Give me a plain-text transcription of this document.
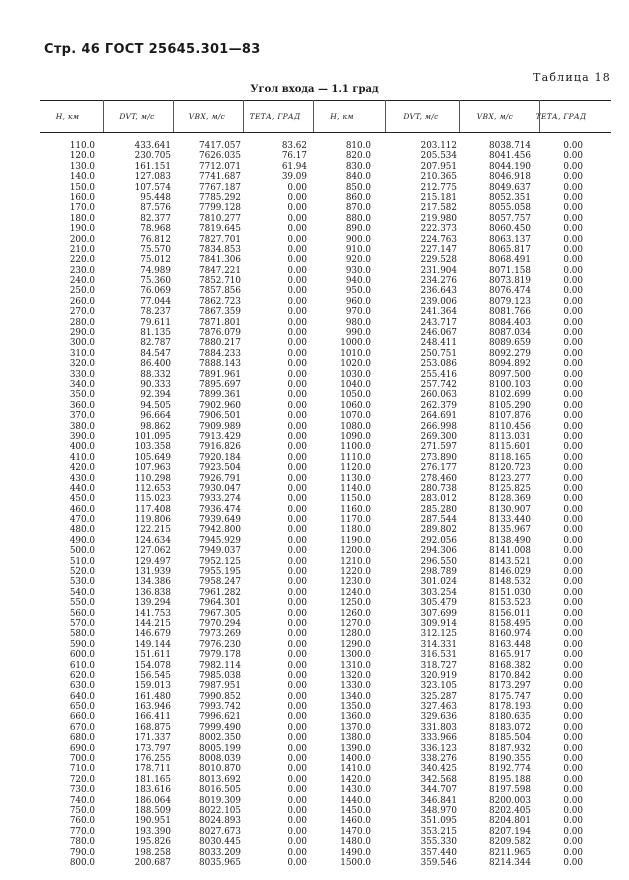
Стр. 46 ГОСТ 25645.301—83
Таблица 18
Угол входа — 1.1 град
H, км	DVT, м/с	VBX, м/с	ТЕТА, ГРАД	H, км	DVT, м/с	VBX, м/с	ТЕТА, ГРАД
110.0	433.641	7417.057	83.62	810.0	203.112	8038.714	0.00
120.0	230.705	7626.035	76.17	820.0	205.534	8041.456	0.00
130.0	161.151	7712.071	61.94	830.0	207.951	8044.190	0.00
140.0	127.083	7741.687	39.09	840.0	210.365	8046.918	0.00
150.0	107.574	7767.187	0.00	850.0	212.775	8049.637	0.00
160.0	95.448	7785.292	0.00	860.0	215.181	8052.351	0.00
170.0	87.576	7799.128	0.00	870.0	217.582	8055.058	0.00
180.0	82.377	7810.277	0.00	880.0	219.980	8057.757	0.00
190.0	78.968	7819.645	0.00	890.0	222.373	8060.450	0.00
200.0	76.812	7827.701	0.00	900.0	224.763	8063.137	0.00
210.0	75.570	7834.853	0.00	910.0	227.147	8065.817	0.00
220.0	75.012	7841.306	0.00	920.0	229.528	8068.491	0.00
230.0	74.989	7847.221	0.00	930.0	231.904	8071.158	0.00
240.0	75.360	7852.710	0.00	940.0	234.276	8073.819	0.00
250.0	76.069	7857.856	0.00	950.0	236.643	8076.474	0.00
260.0	77.044	7862.723	0.00	960.0	239.006	8079.123	0.00
270.0	78.237	7867.359	0.00	970.0	241.364	8081.766	0.00
280.0	79.611	7871.801	0.00	980.0	243.717	8084.403	0.00
290.0	81.135	7876.079	0.00	990.0	246.067	8087.034	0.00
300.0	82.787	7880.217	0.00	1000.0	248.411	8089.659	0.00
310.0	84.547	7884.233	0.00	1010.0	250.751	8092.279	0.00
320.0	86.400	7888.143	0.00	1020.0	253.086	8094.892	0.00
330.0	88.332	7891.961	0.00	1030.0	255.416	8097.500	0.00
340.0	90.333	7895.697	0.00	1040.0	257.742	8100.103	0.00
350.0	92.394	7899.361	0.00	1050.0	260.063	8102.699	0.00
360.0	94.505	7902.960	0.00	1060.0	262.379	8105.290	0.00
370.0	96.664	7906.501	0.00	1070.0	264.691	8107.876	0.00
380.0	98.862	7909.989	0.00	1080.0	266.998	8110.456	0.00
390.0	101.095	7913.429	0.00	1090.0	269.300	8113.031	0.00
400.0	103.358	7916.826	0.00	1100.0	271.597	8115.601	0.00
410.0	105.649	7920.184	0.00	1110.0	273.890	8118.165	0.00
420.0	107.963	7923.504	0.00	1120.0	276.177	8120.723	0.00
430.0	110.298	7926.791	0.00	1130.0	278.460	8123.277	0.00
440.0	112.653	7930.047	0.00	1140.0	280.738	8125.825	0.00
450.0	115.023	7933.274	0.00	1150.0	283.012	8128.369	0.00
460.0	117.408	7936.474	0.00	1160.0	285.280	8130.907	0.00
470.0	119.806	7939.649	0.00	1170.0	287.544	8133.440	0.00
480.0	122.215	7942.800	0.00	1180.0	289.802	8135.967	0.00
490.0	124.634	7945.929	0.00	1190.0	292.056	8138.490	0.00
500.0	127.062	7949.037	0.00	1200.0	294.306	8141.008	0.00
510.0	129.497	7952.125	0.00	1210.0	296.550	8143.521	0.00
520.0	131.939	7955.195	0.00	1220.0	298.789	8146.029	0.00
530.0	134.386	7958.247	0.00	1230.0	301.024	8148.532	0.00
540.0	136.838	7961.282	0.00	1240.0	303.254	8151.030	0.00
550.0	139.294	7964.301	0.00	1250.0	305.479	8153.523	0.00
560.0	141.753	7967.305	0.00	1260.0	307.699	8156.011	0.00
570.0	144.215	7970.294	0.00	1270.0	309.914	8158.495	0.00
580.0	146.679	7973.269	0.00	1280.0	312.125	8160.974	0.00
590.0	149.144	7976.230	0.00	1290.0	314.331	8163.448	0.00
600.0	151.611	7979.178	0.00	1300.0	316.531	8165.917	0.00
610.0	154.078	7982.114	0.00	1310.0	318.727	8168.382	0.00
620.0	156.545	7985.038	0.00	1320.0	320.919	8170.842	0.00
630.0	159.013	7987.951	0.00	1330.0	323.105	8173.297	0.00
640.0	161.480	7990.852	0.00	1340.0	325.287	8175.747	0.00
650.0	163.946	7993.742	0.00	1350.0	327.463	8178.193	0.00
660.0	166.411	7996.621	0.00	1360.0	329.636	8180.635	0.00
670.0	168.875	7999.490	0.00	1370.0	331.803	8183.072	0.00
680.0	171.337	8002.350	0.00	1380.0	333.966	8185.504	0.00
690.0	173.797	8005.199	0.00	1390.0	336.123	8187.932	0.00
700.0	176.255	8008.039	0.00	1400.0	338.276	8190.355	0.00
710.0	178.711	8010.870	0.00	1410.0	340.425	8192.774	0.00
720.0	181.165	8013.692	0.00	1420.0	342.568	8195.188	0.00
730.0	183.616	8016.505	0.00	1430.0	344.707	8197.598	0.00
740.0	186.064	8019.309	0.00	1440.0	346.841	8200.003	0.00
750.0	188.509	8022.105	0.00	1450.0	348.970	8202.405	0.00
760.0	190.951	8024.893	0.00	1460.0	351.095	8204.801	0.00
770.0	193.390	8027.673	0.00	1470.0	353.215	8207.194	0.00
780.0	195.826	8030.445	0.00	1480.0	355.330	8209.582	0.00
790.0	198.258	8033.209	0.00	1490.0	357.440	8211.965	0.00
800.0	200.687	8035.965	0.00	1500.0	359.546	8214.344	0.00
